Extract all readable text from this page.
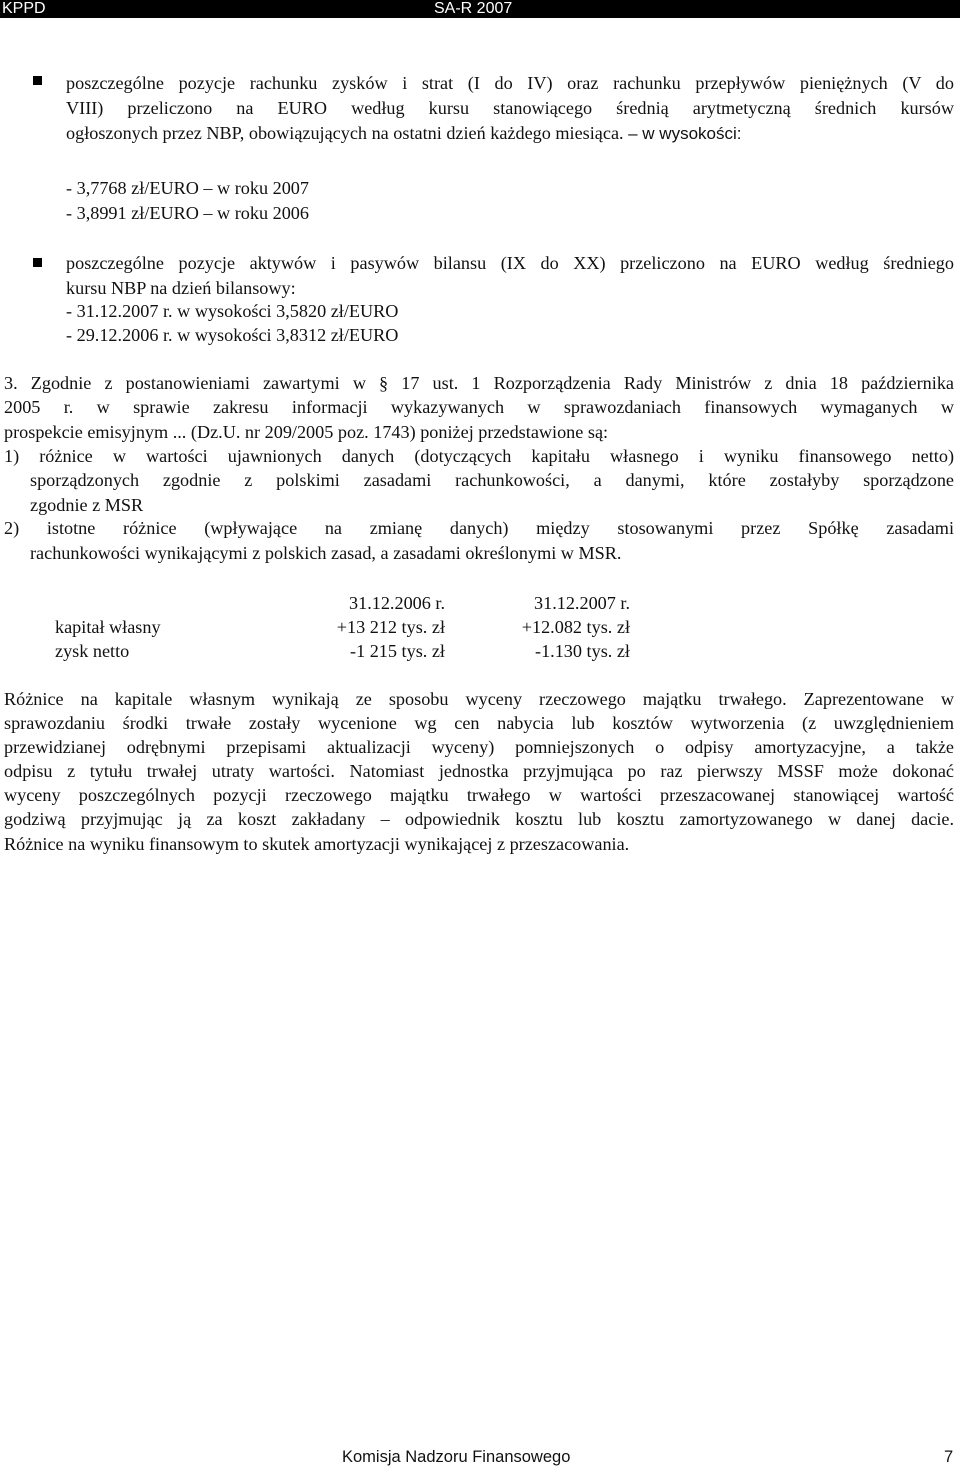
KPPD	SA-R 2007
poszczególne pozycje rachunku zysków i strat (I do IV) oraz rachunku przepływów pieniężnych (V do
VIII) przeliczono na EURO według kursu stanowiącego średnią arytmetyczną średnich kursów
ogłoszonych przez NBP, obowiązujących na ostatni dzień każdego miesiąca. – w wysokości:
- 3,7768 zł/EURO – w roku 2007
- 3,8991 zł/EURO – w roku 2006
poszczególne pozycje aktywów i pasywów bilansu (IX do XX) przeliczono na EURO według średniego
kursu NBP na dzień bilansowy:
- 31.12.2007 r. w wysokości 3,5820 zł/EURO
- 29.12.2006 r. w wysokości 3,8312 zł/EURO
3. Zgodnie z postanowieniami zawartymi w § 17 ust. 1 Rozporządzenia Rady Ministrów z dnia 18 października
2005 r. w sprawie zakresu informacji wykazywanych w sprawozdaniach finansowych wymaganych w
prospekcie emisyjnym ... (Dz.U. nr 209/2005 poz. 1743) poniżej przedstawione są:
1) różnice w wartości ujawnionych danych (dotyczących kapitału własnego i wyniku finansowego netto)
sporządzonych zgodnie z polskimi zasadami rachunkowości, a danymi, które zostałyby sporządzone
zgodnie z MSR
2) istotne różnice (wpływające na zmianę danych) między stosowanymi przez Spółkę zasadami
rachunkowości wynikającymi z polskich zasad, a zasadami określonymi w MSR.
31.12.2006 r.	31.12.2007 r.
kapitał własny	+13 212 tys. zł	+12.082 tys. zł
zysk netto	-1 215 tys. zł	-1.130 tys. zł
Różnice na kapitale własnym wynikają ze sposobu wyceny rzeczowego majątku trwałego. Zaprezentowane w
sprawozdaniu środki trwałe zostały wycenione wg cen nabycia lub kosztów wytworzenia (z uwzględnieniem
przewidzianej odrębnymi przepisami aktualizacji wyceny) pomniejszonych o odpisy amortyzacyjne, a także
odpisu z tytułu trwałej utraty wartości. Natomiast jednostka przyjmująca po raz pierwszy MSSF może dokonać
wyceny poszczególnych pozycji rzeczowego majątku trwałego w wartości przeszacowanej stanowiącej wartość
godziwą przyjmując ją za koszt zakładany – odpowiednik kosztu lub kosztu zamortyzowanego w danej dacie.
Różnice na wyniku finansowym to skutek amortyzacji wynikającej z przeszacowania.
Komisja Nadzoru Finansowego	7
